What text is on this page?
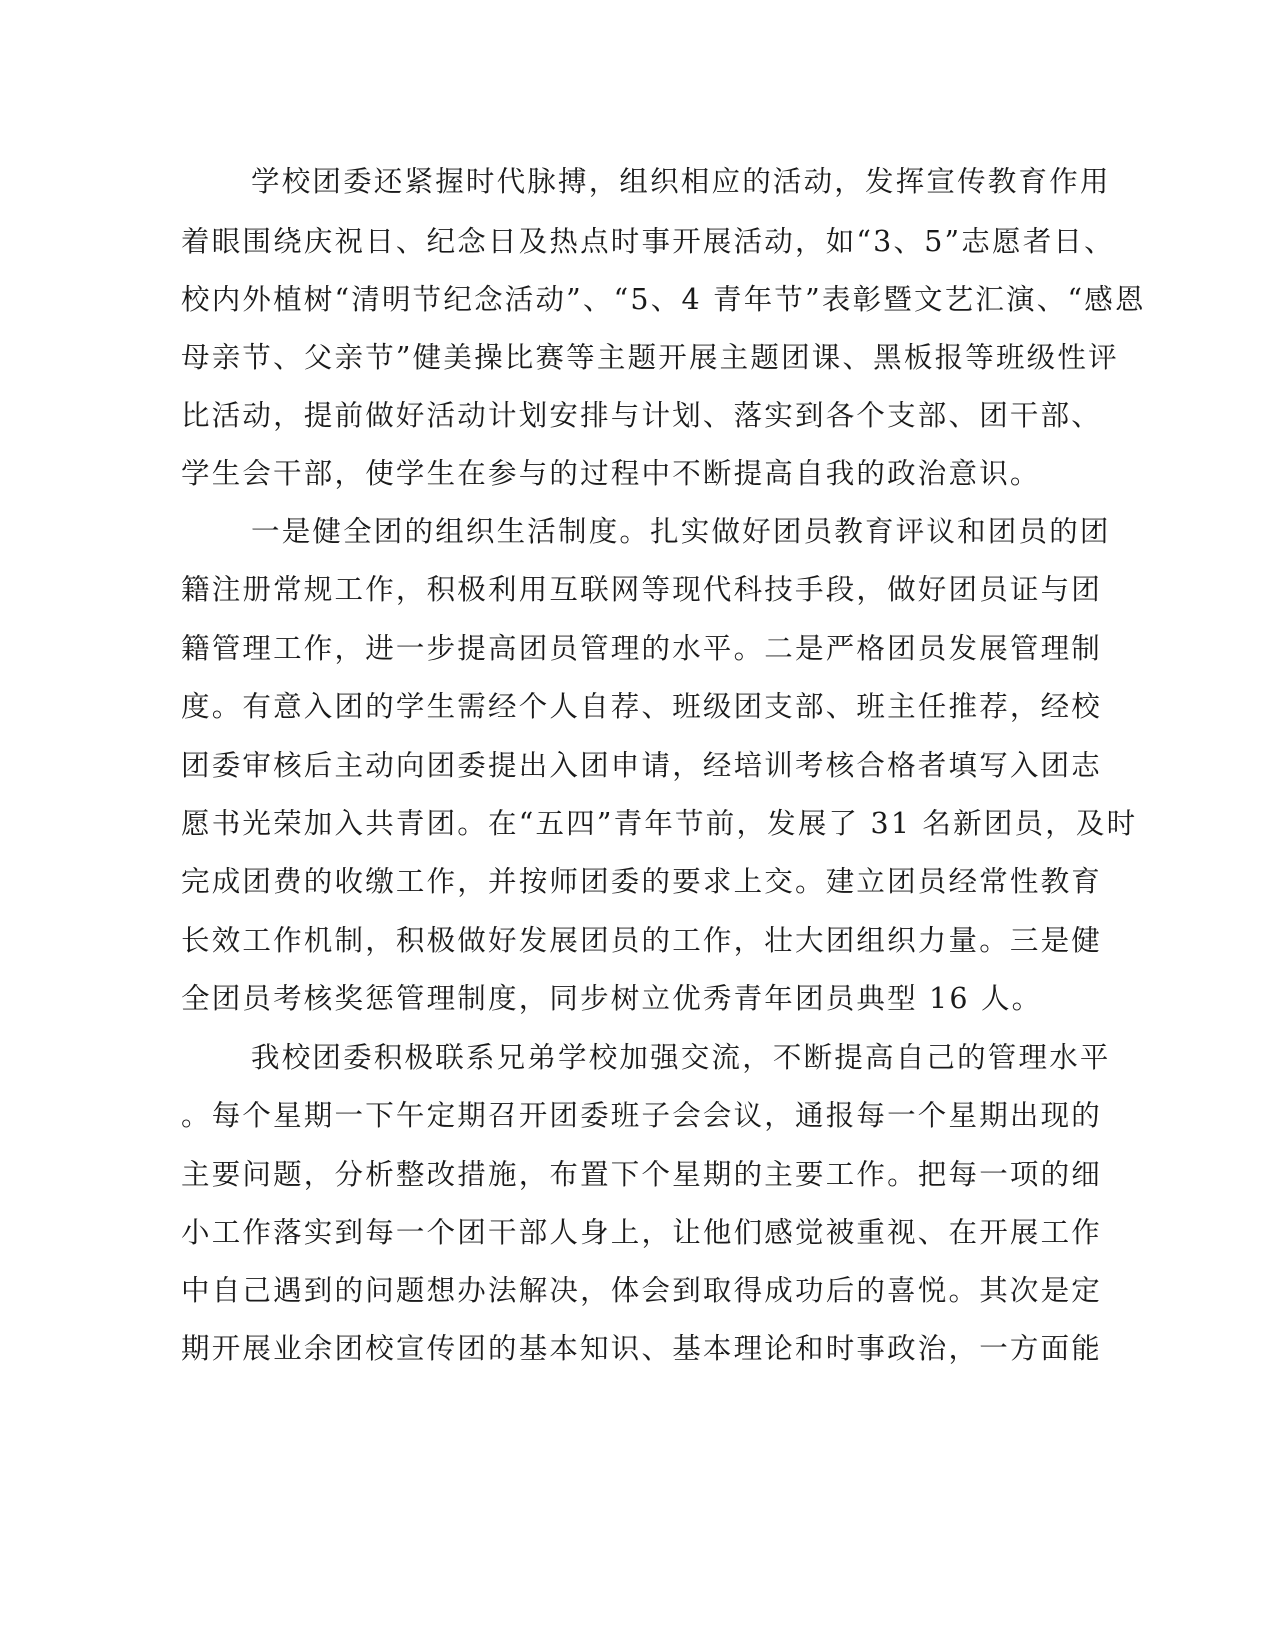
学校团委还紧握时代脉搏，组织相应的活动，发挥宣传教育作用
着眼围绕庆祝日、纪念日及热点时事开展活动，如“3、5”志愿者日、
校内外植树“清明节纪念活动”、“5、4 青年节”表彰暨文艺汇演、“感恩
母亲节、父亲节”健美操比赛等主题开展主题团课、黑板报等班级性评
比活动，提前做好活动计划安排与计划、落实到各个支部、团干部、
学生会干部，使学生在参与的过程中不断提高自我的政治意识。
一是健全团的组织生活制度。扎实做好团员教育评议和团员的团
籍注册常规工作，积极利用互联网等现代科技手段，做好团员证与团
籍管理工作，进一步提高团员管理的水平。二是严格团员发展管理制
度。有意入团的学生需经个人自荐、班级团支部、班主任推荐，经校
团委审核后主动向团委提出入团申请，经培训考核合格者填写入团志
愿书光荣加入共青团。在“五四”青年节前，发展了 31 名新团员，及时
完成团费的收缴工作，并按师团委的要求上交。建立团员经常性教育
长效工作机制，积极做好发展团员的工作，壮大团组织力量。三是健
全团员考核奖惩管理制度，同步树立优秀青年团员典型 16 人。
我校团委积极联系兄弟学校加强交流，不断提高自己的管理水平
。每个星期一下午定期召开团委班子会会议，通报每一个星期出现的
主要问题，分析整改措施，布置下个星期的主要工作。把每一项的细
小工作落实到每一个团干部人身上，让他们感觉被重视、在开展工作
中自己遇到的问题想办法解决，体会到取得成功后的喜悦。其次是定
期开展业余团校宣传团的基本知识、基本理论和时事政治，一方面能
